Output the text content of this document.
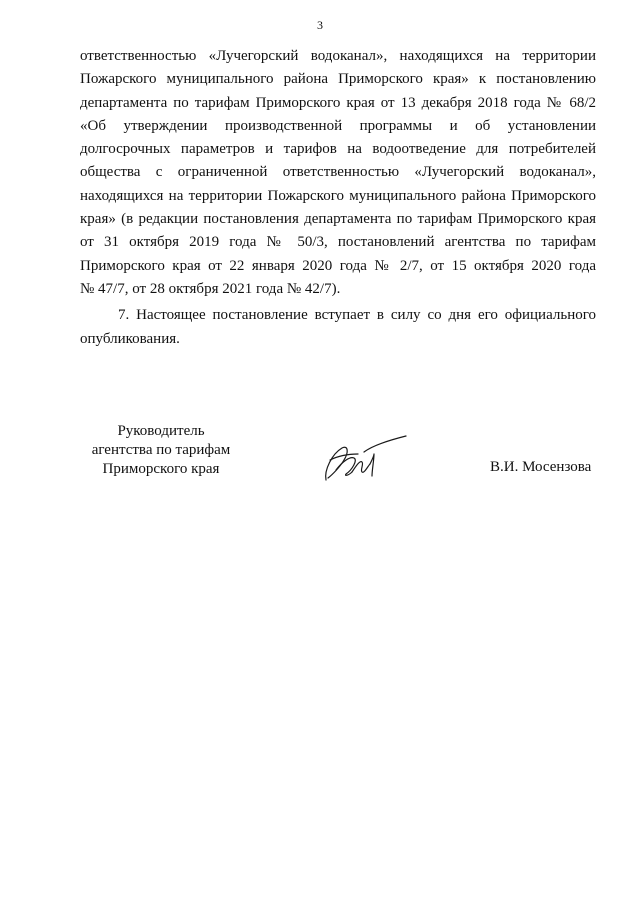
3

ответственностью «Лучегорский водоканал», находящихся на территории
Пожарского муниципального района Приморского края» к постановлению
департамента по тарифам Приморского края от 13 декабря 2018 года № 68/2
«Об утверждении производственной программы и об установлении
долгосрочных параметров и тарифов на водоотведение для потребителей
общества с ограниченной ответственностью «Лучегорский водоканал»,
находящихся на территории Пожарского муниципального района Приморского
края» (в редакции постановления департамента по тарифам Приморского края
от 31 октября 2019 года № 50/3, постановлений агентства по тарифам
Приморского края от 22 января 2020 года № 2/7, от 15 октября 2020 года
№ 47/7, от 28 октября 2021 года № 42/7).

7. Настоящее постановление вступает в силу со дня его официального
опубликования.

Руководитель
агентства по тарифам
Приморского края	В.И. Мосензова
